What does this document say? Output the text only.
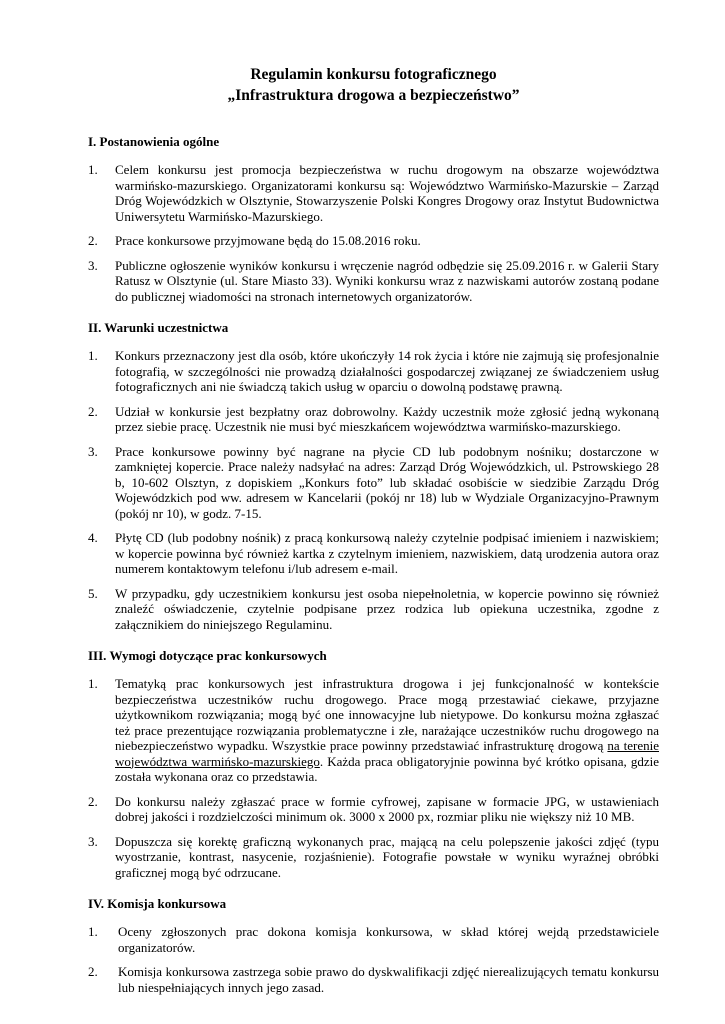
Regulamin konkursu fotograficznego
„Infrastruktura drogowa a bezpieczeństwo”
I. Postanowienia ogólne
1. Celem konkursu jest promocja bezpieczeństwa w ruchu drogowym na obszarze województwa warmińsko-mazurskiego. Organizatorami konkursu są: Województwo Warmińsko-Mazurskie – Zarząd Dróg Wojewódzkich w Olsztynie, Stowarzyszenie Polski Kongres Drogowy oraz Instytut Budownictwa Uniwersytetu Warmińsko-Mazurskiego.
2. Prace konkursowe przyjmowane będą do 15.08.2016 roku.
3. Publiczne ogłoszenie wyników konkursu i wręczenie nagród odbędzie się 25.09.2016 r. w Galerii Stary Ratusz w Olsztynie (ul. Stare Miasto 33). Wyniki konkursu wraz z nazwiskami autorów zostaną podane do publicznej wiadomości na stronach internetowych organizatorów.
II. Warunki uczestnictwa
1. Konkurs przeznaczony jest dla osób, które ukończyły 14 rok życia i które nie zajmują się profesjonalnie fotografią, w szczególności nie prowadzą działalności gospodarczej związanej ze świadczeniem usług fotograficznych ani nie świadczą takich usług w oparciu o dowolną podstawę prawną.
2. Udział w konkursie jest bezpłatny oraz dobrowolny. Każdy uczestnik może zgłosić jedną wykonaną przez siebie pracę. Uczestnik nie musi być mieszkańcem województwa warmińsko-mazurskiego.
3. Prace konkursowe powinny być nagrane na płycie CD lub podobnym nośniku; dostarczone w zamkniętej kopercie. Prace należy nadsyłać na adres: Zarząd Dróg Wojewódzkich, ul. Pstrowskiego 28 b, 10-602 Olsztyn, z dopiskiem „Konkurs foto” lub składać osobiście w siedzibie Zarządu Dróg Wojewódzkich pod ww. adresem w Kancelarii (pokój nr 18) lub w Wydziale Organizacyjno-Prawnym (pokój nr 10), w godz. 7-15.
4. Płytę CD (lub podobny nośnik) z pracą konkursową należy czytelnie podpisać imieniem i nazwiskiem; w kopercie powinna być również kartka z czytelnym imieniem, nazwiskiem, datą urodzenia autora oraz numerem kontaktowym telefonu i/lub adresem e-mail.
5. W przypadku, gdy uczestnikiem konkursu jest osoba niepełnoletnia, w kopercie powinno się również znaleźć oświadczenie, czytelnie podpisane przez rodzica lub opiekuna uczestnika, zgodne z załącznikiem do niniejszego Regulaminu.
III. Wymogi dotyczące prac konkursowych
1. Tematyką prac konkursowych jest infrastruktura drogowa i jej funkcjonalność w kontekście bezpieczeństwa uczestników ruchu drogowego. Prace mogą przestawiać ciekawe, przyjazne użytkownikom rozwiązania; mogą być one innowacyjne lub nietypowe. Do konkursu można zgłaszać też prace prezentujące rozwiązania problematyczne i złe, narażające uczestników ruchu drogowego na niebezpieczeństwo wypadku. Wszystkie prace powinny przedstawiać infrastrukturę drogową na terenie województwa warmińsko-mazurskiego. Każda praca obligatoryjnie powinna być krótko opisana, gdzie została wykonana oraz co przedstawia.
2. Do konkursu należy zgłaszać prace w formie cyfrowej, zapisane w formacie JPG, w ustawieniach dobrej jakości i rozdzielczości minimum ok. 3000 x 2000 px, rozmiar pliku nie większy niż 10 MB.
3. Dopuszcza się korektę graficzną wykonanych prac, mającą na celu polepszenie jakości zdjęć (typu wyostrzanie, kontrast, nasycenie, rozjaśnienie). Fotografie powstałe w wyniku wyraźnej obróbki graficznej mogą być odrzucane.
IV. Komisja konkursowa
1. Oceny zgłoszonych prac dokona komisja konkursowa, w skład której wejdą przedstawiciele organizatorów.
2. Komisja konkursowa zastrzega sobie prawo do dyskwalifikacji zdjęć nierealizujących tematu konkursu lub niespełniających innych jego zasad.
